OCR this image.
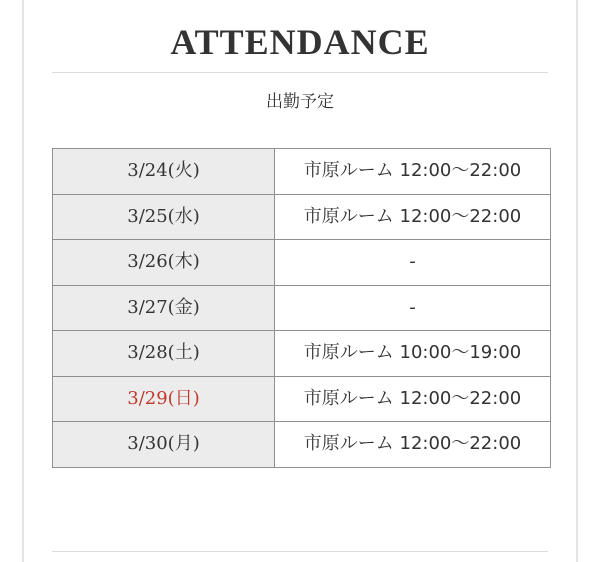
ATTENDANCE
出勤予定
3/24(火)	市原ルーム 12:00〜22:00
3/25(水)	市原ルーム 12:00〜22:00
3/26(木)	-
3/27(金)	-
3/28(土)	市原ルーム 10:00〜19:00
3/29(日)	市原ルーム 12:00〜22:00
3/30(月)	市原ルーム 12:00〜22:00
